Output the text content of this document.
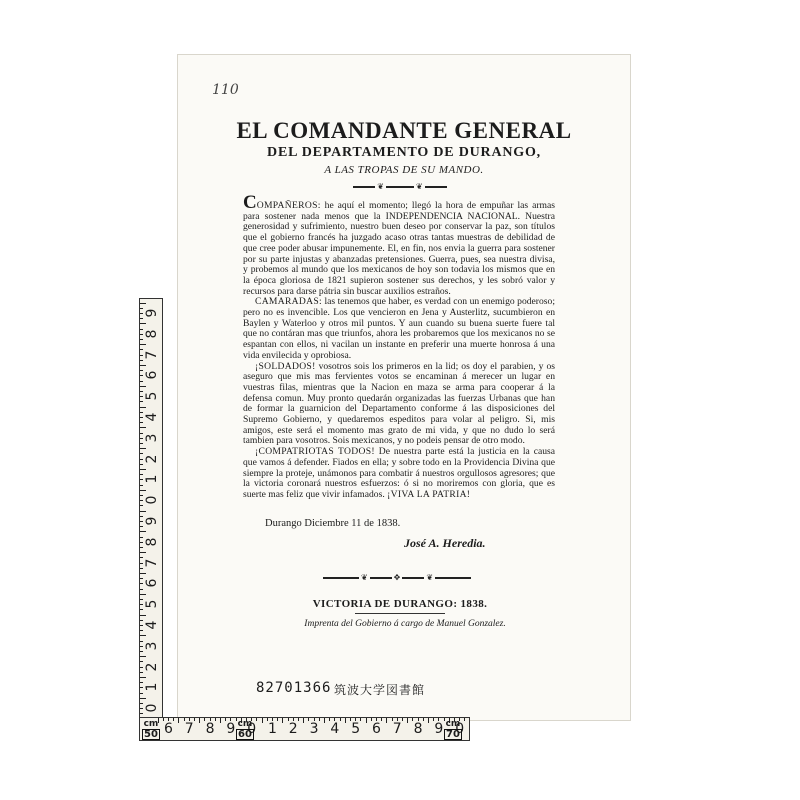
110
EL COMANDANTE GENERAL
DEL DEPARTAMENTO DE DURANGO,
A LAS TROPAS DE SU MANDO.
❦	❦

COMPAÑEROS: he aquí el momento; llegó la hora de empuñar las armas para sostener nada menos que la INDEPENDENCIA NACIONAL. Nuestra generosidad y sufrimiento, nuestro buen deseo por conservar la paz, son títulos que el gobierno francés ha juzgado acaso otras tantas muestras de debilidad de que cree poder abusar impunemente. El, en fin, nos envia la guerra para sostener por su parte injustas y abanzadas pretensiones. Guerra, pues, sea nuestra divisa, y probemos al mundo que los mexicanos de hoy son todavia los mismos que en la época gloriosa de 1821 supieron sostener sus derechos, y les sobró valor y recursos para darse pátria sin buscar auxilios estraños.

CAMARADAS: las tenemos que haber, es verdad con un enemigo poderoso; pero no es invencible. Los que vencieron en Jena y Austerlitz, sucumbieron en Baylen y Waterloo y otros mil puntos. Y aun cuando su buena suerte fuere tal que no contáran mas que triunfos, ahora les probaremos que los mexicanos no se espantan con ellos, ni vacilan un instante en preferir una muerte honrosa á una vida envilecida y oprobiosa.

¡SOLDADOS! vosotros sois los primeros en la lid; os doy el parabien, y os aseguro que mis mas fervientes votos se encaminan á merecer un lugar en vuestras filas, mientras que la Nacion en maza se arma para cooperar á la defensa comun. Muy pronto quedarán organizadas las fuerzas Urbanas que han de formar la guarnicion del Departamento conforme á las disposiciones del Supremo Gobierno, y quedaremos espeditos para volar al peligro. Si, mis amigos, este será el momento mas grato de mi vida, y que no dudo lo será tambien para vosotros. Sois mexicanos, y no podeis pensar de otro modo.

¡COMPATRIOTAS TODOS! De nuestra parte está la justicia en la causa que vamos á defender. Fiados en ella; y sobre todo en la Providencia Divina que siempre la proteje, unámonos para combatir á nuestros orgullosos agresores; que la victoria coronará nuestros esfuerzos: ó si no moriremos con gloria, que es suerte mas feliz que vivir infamados. ¡VIVA LA PATRIA!

Durango Diciembre 11 de 1838.
José A. Heredia.
❦	✥	❦
VICTORIA DE DURANGO: 1838.
Imprenta del Gobierno á cargo de Manuel Gonzalez.
82701366 筑波大学図書館
9
8
7
6
5
4
3
2
1
0
9
8
7
6
5
4
3
2
1
0
6 7 8 9 0 1 2 3 4 5 6 7 8 9 0
cm
50
cm
60
cm
70
